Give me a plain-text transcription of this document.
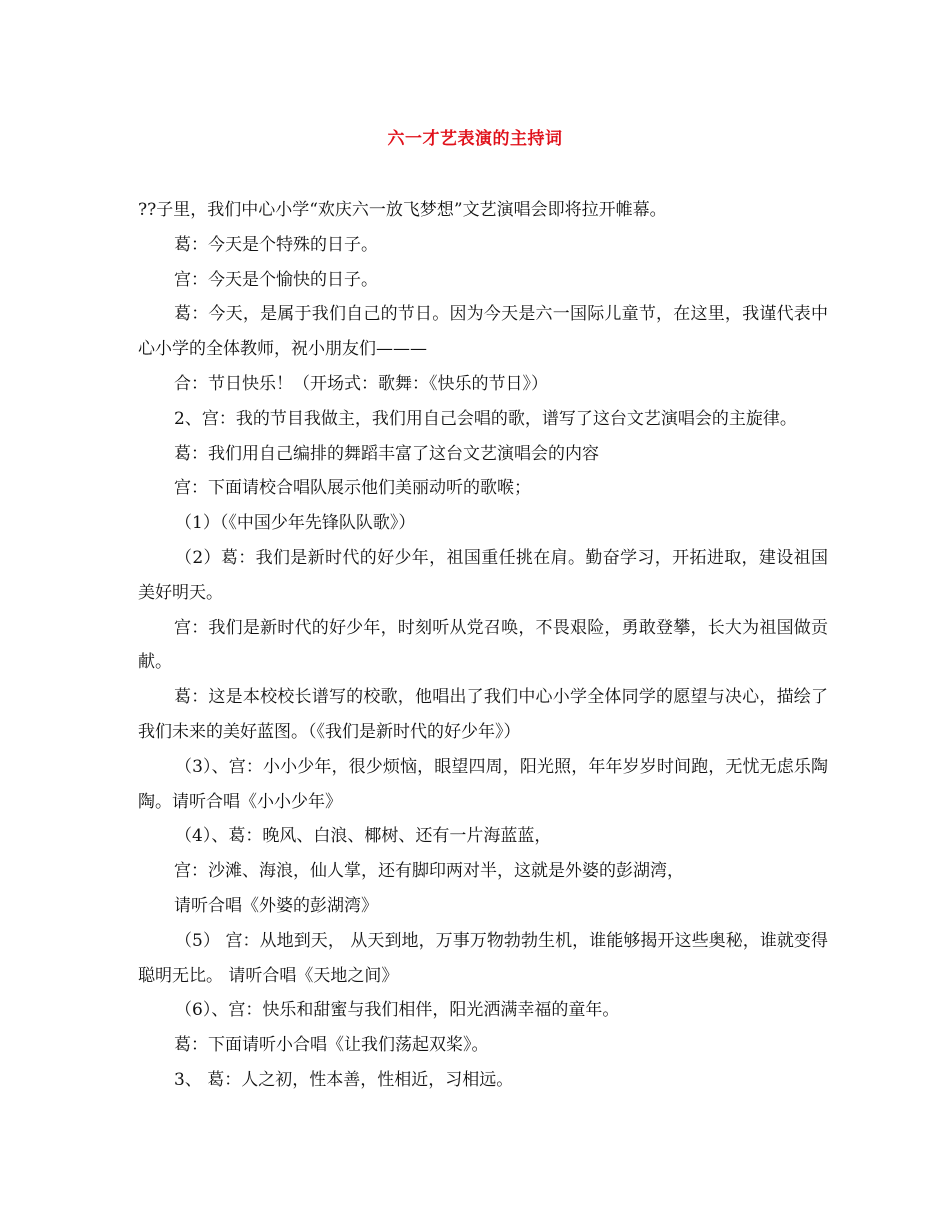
六一才艺表演的主持词

??子里，我们中心小学“欢庆六一放飞梦想”文艺演唱会即将拉开帷幕。

葛：今天是个特殊的日子。

宫：今天是个愉快的日子。

葛：今天，是属于我们自己的节日。因为今天是六一国际儿童节，在这里，我谨代表中心小学的全体教师，祝小朋友们———

合：节日快乐！（开场式：歌舞：《快乐的节日》）

2、宫：我的节目我做主，我们用自己会唱的歌，谱写了这台文艺演唱会的主旋律。

葛：我们用自己编排的舞蹈丰富了这台文艺演唱会的内容

宫：下面请校合唱队展示他们美丽动听的歌喉；

（1）（《中国少年先锋队队歌》）

（2）葛：我们是新时代的好少年，祖国重任挑在肩。勤奋学习，开拓进取，建设祖国美好明天。

宫：我们是新时代的好少年，时刻听从党召唤，不畏艰险，勇敢登攀，长大为祖国做贡献。

葛：这是本校校长谱写的校歌，他唱出了我们中心小学全体同学的愿望与决心，描绘了我们未来的美好蓝图。（《我们是新时代的好少年》）

（3）、宫：小小少年，很少烦恼，眼望四周，阳光照，年年岁岁时间跑，无忧无虑乐陶陶。请听合唱《小小少年》

（4）、葛：晚风、白浪、椰树、还有一片海蓝蓝，

宫：沙滩、海浪，仙人掌，还有脚印两对半，这就是外婆的彭湖湾，

请听合唱《外婆的彭湖湾》

（5） 宫：从地到天， 从天到地，万事万物勃勃生机，谁能够揭开这些奥秘，谁就变得聪明无比。 请听合唱《天地之间》

（6）、宫：快乐和甜蜜与我们相伴，阳光洒满幸福的童年。

葛：下面请听小合唱《让我们荡起双桨》。

3、 葛：人之初，性本善，性相近，习相远。
